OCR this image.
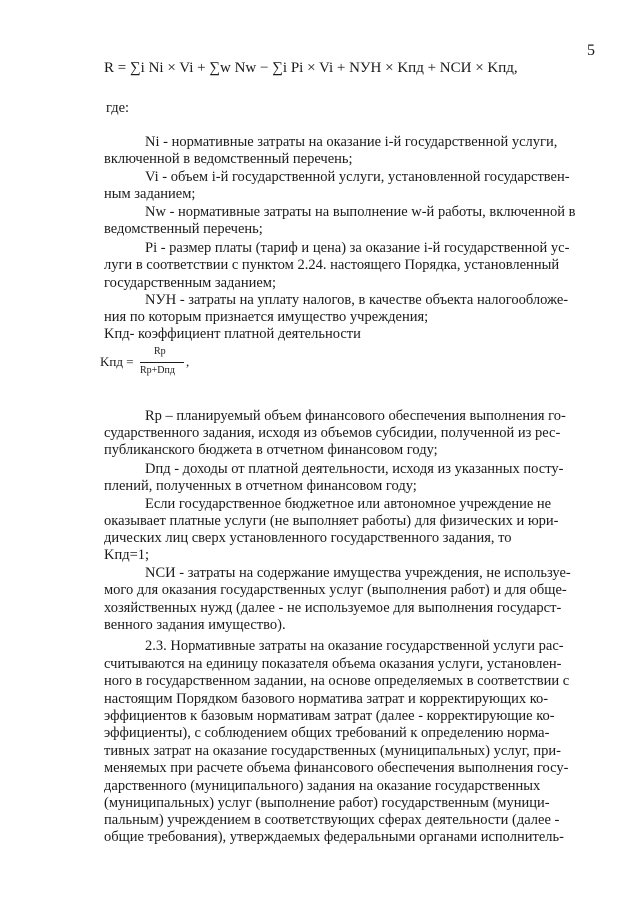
5
R = ∑i Ni × Vi + ∑w Nw − ∑i Pi × Vi + NУН × Kпд + NСИ × Kпд,
где:
Ni - нормативные затраты на оказание i-й государственной услуги,
включенной в ведомственный перечень;
Vi - объем i-й государственной услуги, установленной государствен-
ным заданием;
Nw - нормативные затраты на выполнение w-й работы, включенной в
ведомственный перечень;
Pi - размер платы (тариф и цена) за оказание i-й государственной ус-
луги в соответствии с пунктом 2.24. настоящего Порядка, установленный
государственным заданием;
NУН - затраты на уплату налогов, в качестве объекта налогообложе-
ния по которым признается имущество учреждения;
Kпд- коэффициент платной деятельности
Kпд =
Rp
Rp+Dпд
,
Rp – планируемый объем финансового обеспечения выполнения го-
сударственного задания, исходя из объемов субсидии, полученной из рес-
публиканского бюджета в отчетном финансовом году;
Dпд - доходы от платной деятельности, исходя из указанных посту-
плений, полученных в отчетном финансовом году;
Если государственное бюджетное или автономное учреждение не
оказывает платные услуги (не выполняет работы) для физических и юри-
дических лиц сверх установленного государственного задания, то
Kпд=1;
NСИ - затраты на содержание имущества учреждения, не используе-
мого для оказания государственных услуг (выполнения работ) и для обще-
хозяйственных нужд (далее - не используемое для выполнения государст-
венного задания имущество).
2.3. Нормативные затраты на оказание государственной услуги рас-
считываются на единицу показателя объема оказания услуги, установлен-
ного в государственном задании, на основе определяемых в соответствии с
настоящим Порядком базового норматива затрат и корректирующих ко-
эффициентов к базовым нормативам затрат (далее - корректирующие ко-
эффициенты), с соблюдением общих требований к определению норма-
тивных затрат на оказание государственных (муниципальных) услуг, при-
меняемых при расчете объема финансового обеспечения выполнения госу-
дарственного (муниципального) задания на оказание государственных
(муниципальных) услуг (выполнение работ) государственным (муници-
пальным) учреждением в соответствующих сферах деятельности (далее -
общие требования), утверждаемых федеральными органами исполнитель-
